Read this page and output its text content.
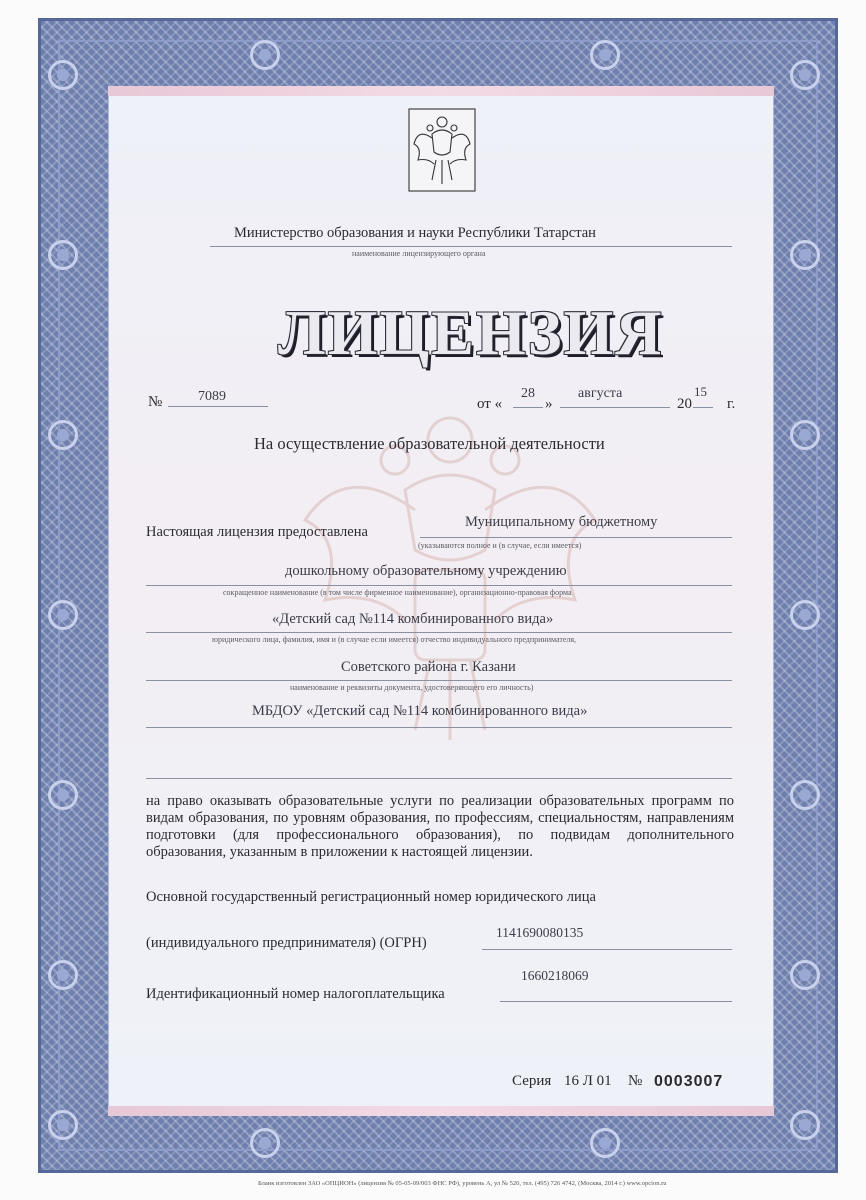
Министерство образования и науки Республики Татарстан
наименование лицензирующего органа
ЛИЦЕНЗИЯ
№	7089	от «
28
»
августа
20
15
г.
На осуществление образовательной деятельности
Настоящая лицензия предоставлена
Муниципальному бюджетному
(указываются полное и (в случае, если имеется)
дошкольному образовательному учреждению
сокращенное наименование (в том числе фирменное наименование), организационно-правовая форма
«Детский сад №114 комбинированного вида»
юридического лица, фамилия, имя и (в случае если имеется) отчество индивидуального предпринимателя,
Советского района г. Казани
наименование и реквизиты документа, удостоверяющего его личность)
МБДОУ «Детский сад №114 комбинированного вида»
на право оказывать образовательные услуги по реализации образовательных программ по видам образования, по уровням образования, по профессиям, специальностям, направлениям подготовки (для профессионального образования), по подвидам дополнительного образования, указанным в приложении к настоящей лицензии.
Основной государственный регистрационный номер юридического лица
(индивидуального предпринимателя) (ОГРН)
1141690080135
Идентификационный номер налогоплательщика
1660218069
Серия 16 Л 01 № 0003007
Бланк изготовлен ЗАО «ОПЦИОН» (лицензия № 05-05-09/003 ФНС РФ), уровень А, ул № 520, тел. (495) 726 4742, (Москва, 2014 г.) www.opcion.ru
